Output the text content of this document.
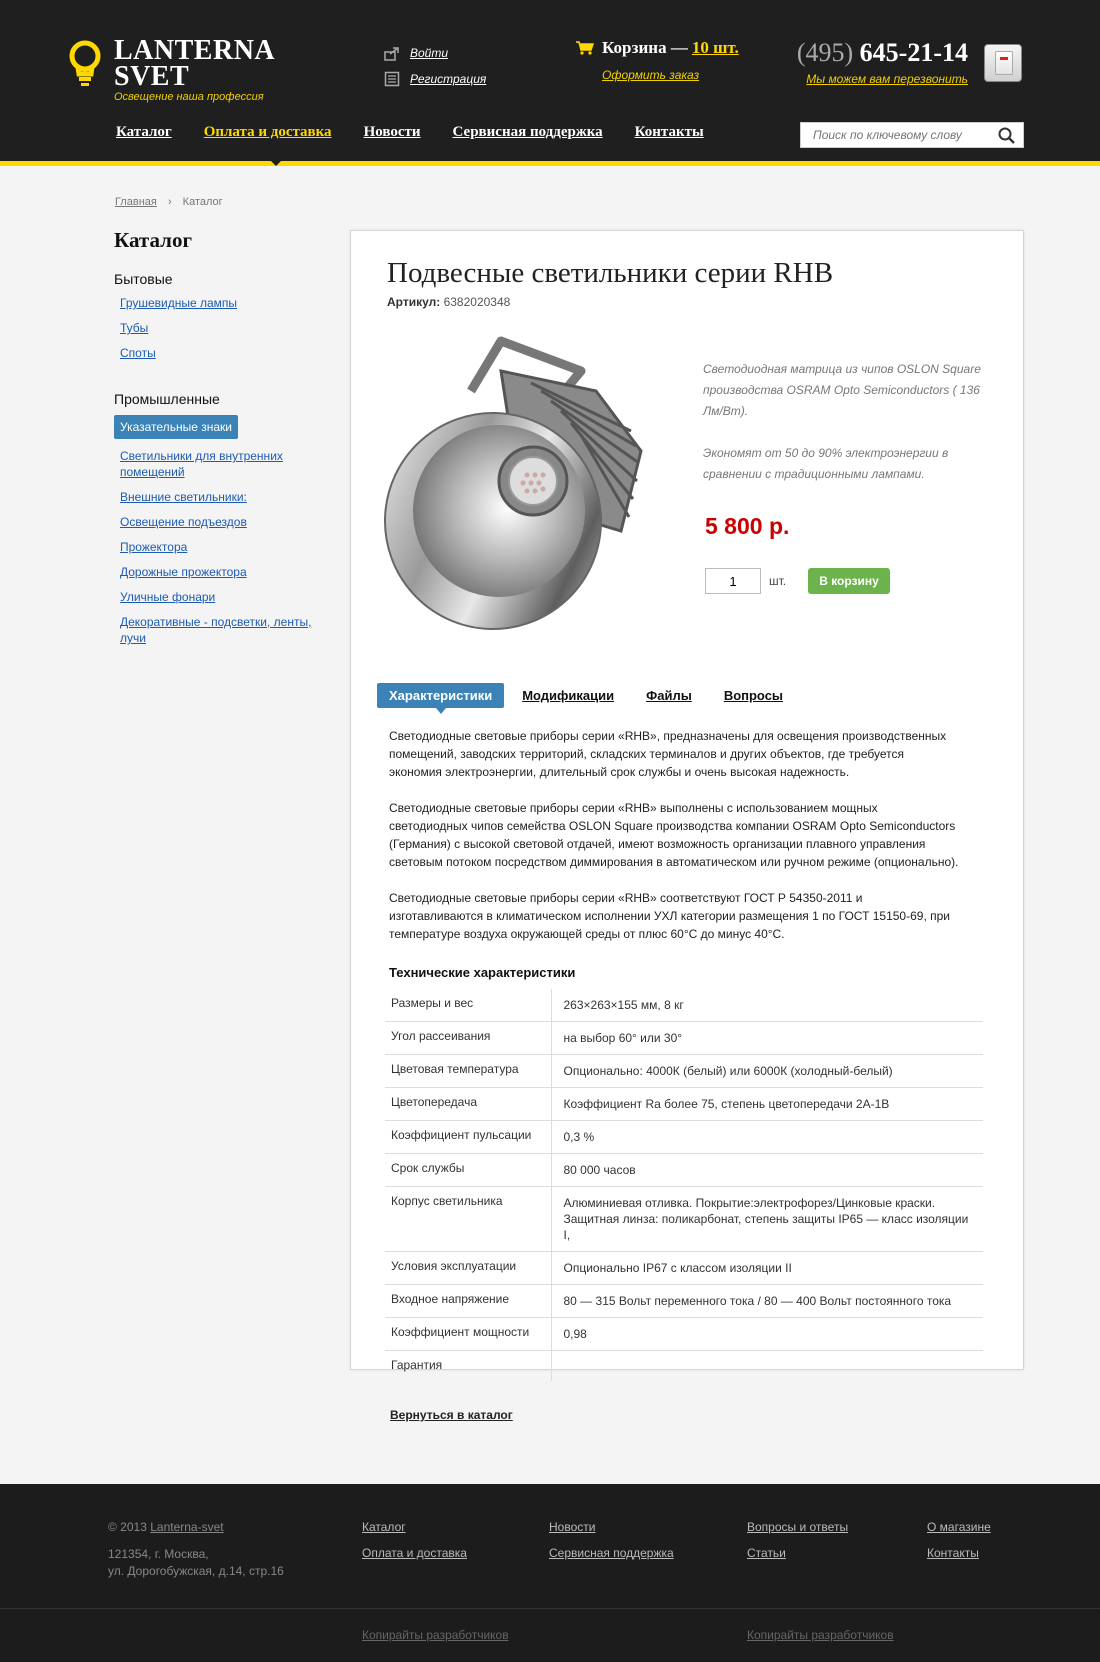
LANTERNA
SVET
Освещение наша профессия
Войти
Регистрация
Корзина — 10 шт.
Оформить заказ
(495) 645-21-14
Мы можем вам перезвонить
Каталог Оплата и доставка Новости Сервисная поддержка Контакты
Поиск по ключевому слову
Главная › Каталог
Каталог
Бытовые
Грушевидные лампы
Тубы
Споты
Промышленные
Указательные знаки
Светильники для внутренних помещений
Внешние светильники:
Освещение подъездов
Прожектора
Дорожные прожектора
Уличные фонари
Декоративные - подсветки, ленты, лучи
Подвесные светильники серии RHB
Артикул: 6382020348

Светодиодная матрица из чипов OSLON Square производства OSRAM Opto Semiconductors ( 136 Лм/Вт).

Экономят от 50 до 90% электроэнергии в сравнении с традиционными лампами.

5 800 р.
1
шт.	В корзину
Характеристики	Модификации Файлы Вопросы

Светодиодные световые приборы серии «RHB», предназначены для освещения производственных помещений, заводских территорий, складских терминалов и других объектов, где требуется экономия электроэнергии, длительный срок службы и очень высокая надежность.

Светодиодные световые приборы серии «RHB» выполнены с использованием мощных светодиодных чипов семейства OSLON Square производства компании OSRAM Opto Semiconductors (Германия) с высокой световой отдачей, имеют возможность организации плавного управления световым потоком посредством диммирования в автоматическом или ручном режиме (опционально).

Светодиодные световые приборы серии «RHB» соответствуют ГОСТ Р 54350-2011 и изготавливаются в климатическом исполнении УХЛ категории размещения 1 по ГОСТ 15150-69, при температуре воздуха окружающей среды от плюс 60°С до минус 40°С.

Технические характеристики
Размеры и вес	263×263×155 мм, 8 кг
Угол рассеивания	на выбор 60° или 30°
Цветовая температура	Опционально: 4000К (белый) или 6000К (холодный-белый)
Цветопередача	Коэффициент Ra более 75, степень цветопередачи 2А-1В
Коэффициент пульсации	0,3 %
Срок службы	80 000 часов
Корпус светильника	Алюминиевая отливка. Покрытие:электрофорез/Цинковые краски.
Защитная линза: поликарбонат, степень защиты IP65 — класс изоляции I,

Условия эксплуатации	Опционально IP67 с классом изоляции II
Входное напряжение	80 — 315 Вольт переменного тока / 80 — 400 Вольт постоянного тока
Коэффициент мощности	0,98
Гарантия	
Вернуться в каталог
© 2013 Lanterna-svet
121354, г. Москва,
ул. Дорогобужская, д.14, стр.16
Каталог
Оплата и доставка
Новости
Сервисная поддержка
Вопросы и ответы
Статьи
О магазине
Контакты
Копирайты разработчиков	Копирайты разработчиков
